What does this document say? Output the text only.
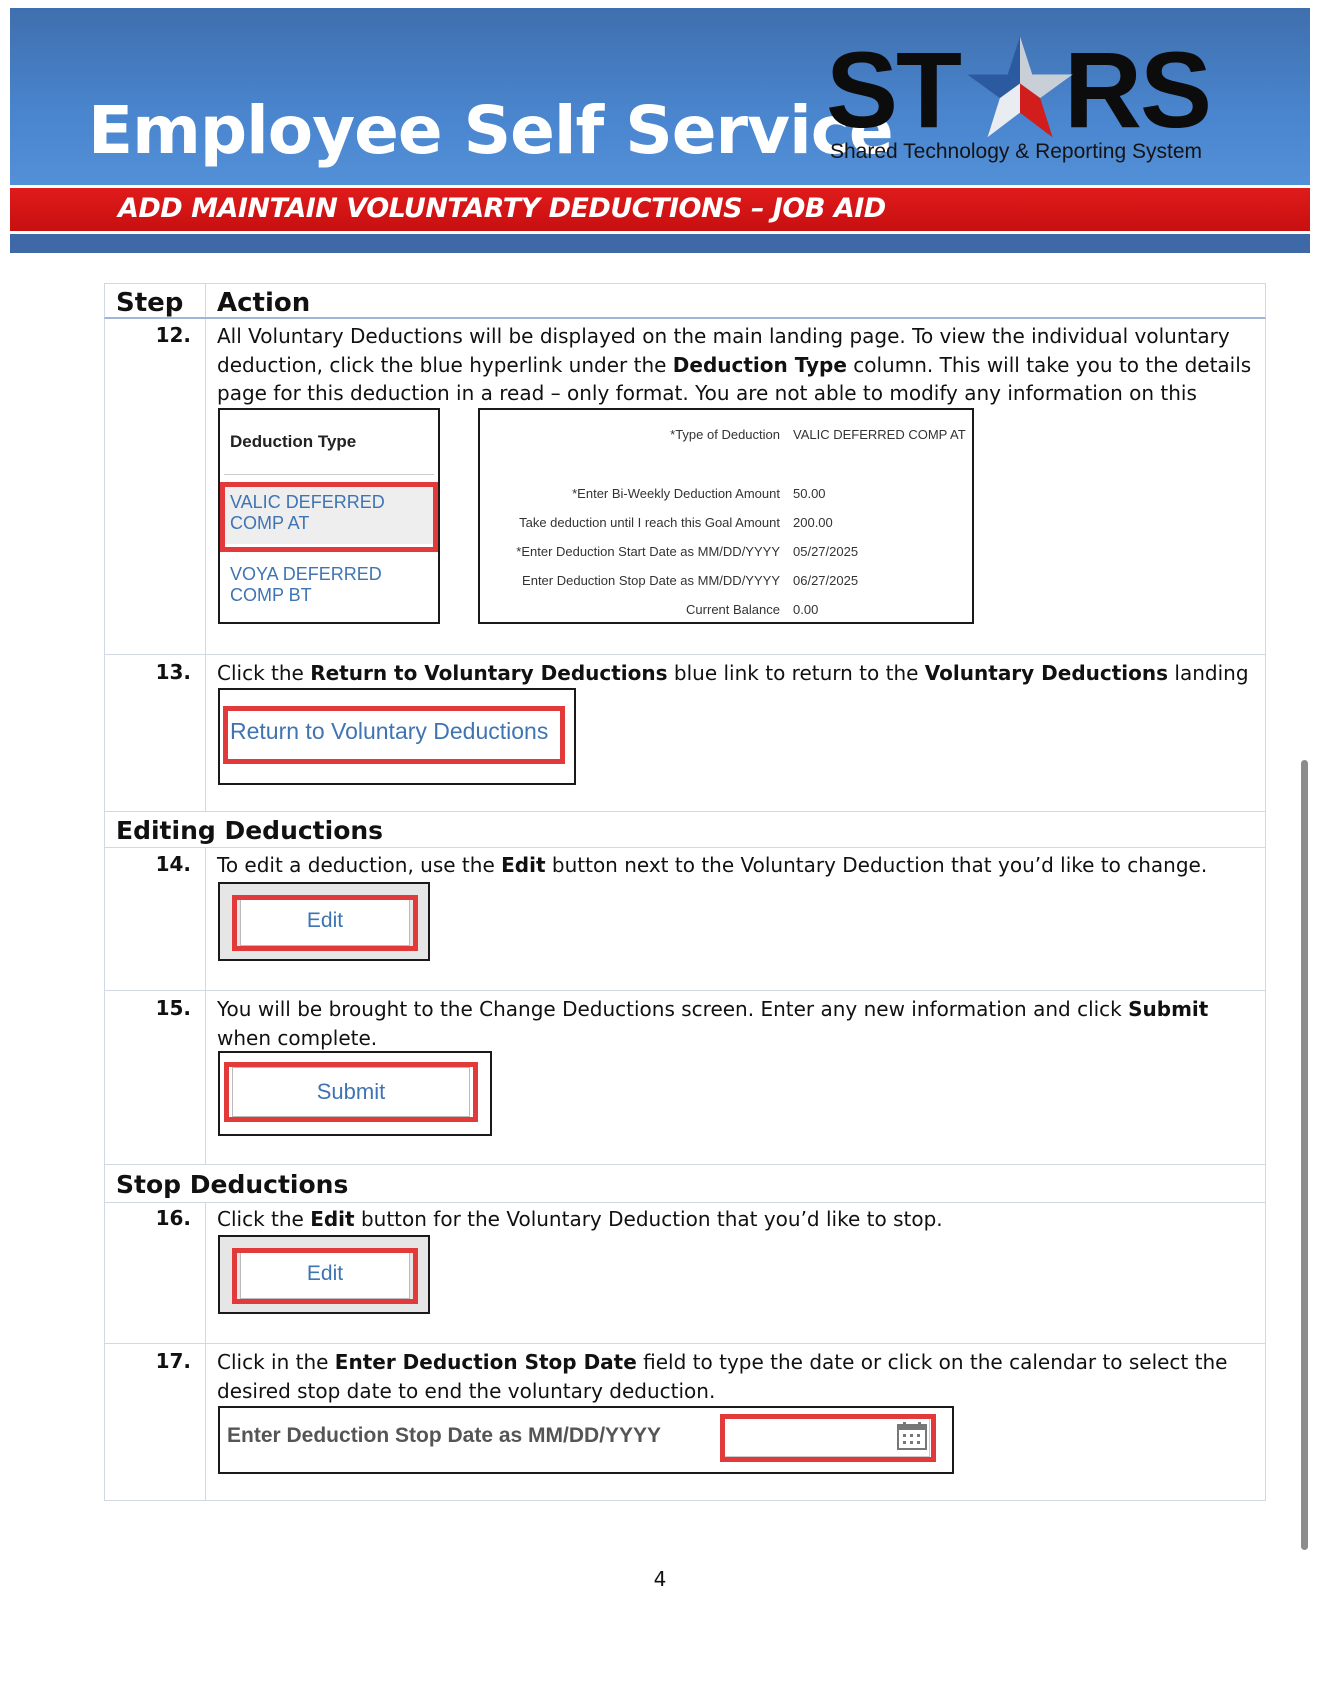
Employee Self Service
ST RS
Shared Technology & Reporting System
ADD MAINTAIN VOLUNTARTY DEDUCTIONS – JOB AID
Step Action
12. All Voluntary Deductions will be displayed on the main landing page. To view the individual voluntary deduction, click the blue hyperlink under the Deduction Type column. This will take you to the details page for this deduction in a read – only format. You are not able to modify any information on this
Deduction Type
VALIC DEFERRED COMP AT
VOYA DEFERRED COMP BT
*Type of Deduction
*Enter Bi-Weekly Deduction Amount
Take deduction until I reach this Goal Amount
*Enter Deduction Start Date as MM/DD/YYYY
Enter Deduction Stop Date as MM/DD/YYYY
Current Balance
VALIC DEFERRED COMP AT
50.00
200.00
05/27/2025
06/27/2025
0.00
13. Click the Return to Voluntary Deductions blue link to return to the Voluntary Deductions landing
Return to Voluntary Deductions
Editing Deductions
14. To edit a deduction, use the Edit button next to the Voluntary Deduction that you’d like to change.
Edit
15. You will be brought to the Change Deductions screen. Enter any new information and click Submit when complete.
Submit
Stop Deductions
16. Click the Edit button for the Voluntary Deduction that you’d like to stop.
Edit
17. Click in the Enter Deduction Stop Date field to type the date or click on the calendar to select the desired stop date to end the voluntary deduction.
Enter Deduction Stop Date as MM/DD/YYYY
4
